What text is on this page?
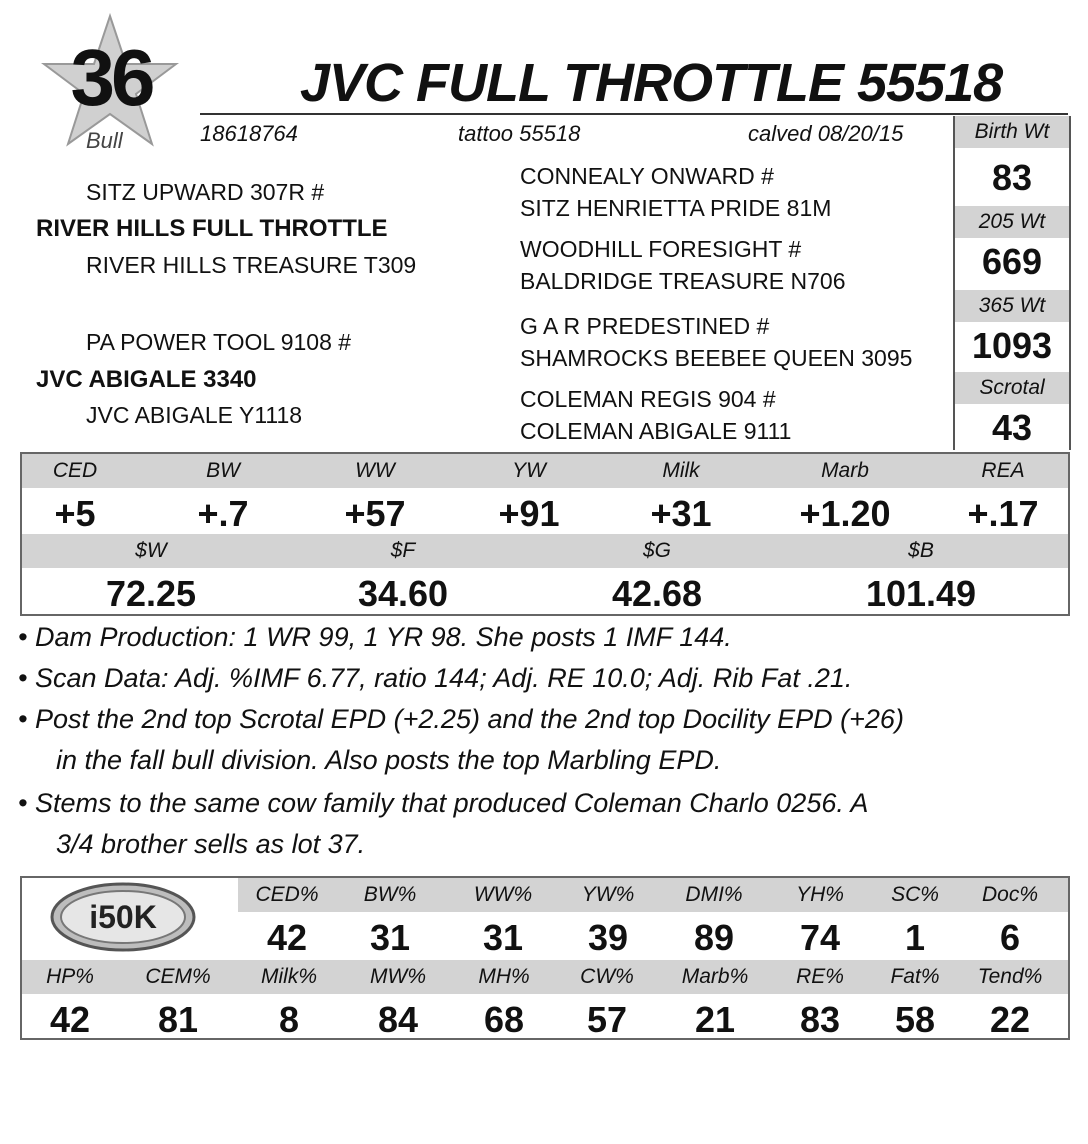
36
Bull
JVC FULL THROTTLE 55518
18618764	tattoo 55518	calved 08/20/15
SITZ UPWARD 307R #
RIVER HILLS FULL THROTTLE
RIVER HILLS TREASURE T309
PA POWER TOOL 9108 #
JVC ABIGALE 3340
JVC ABIGALE Y1118
CONNEALY ONWARD #
SITZ HENRIETTA PRIDE 81M
WOODHILL FORESIGHT #
BALDRIDGE TREASURE N706
G A R PREDESTINED #
SHAMROCKS BEEBEE QUEEN 3095
COLEMAN REGIS 904 #
COLEMAN ABIGALE 9111
Birth Wt
83
205 Wt
669
365 Wt
1093
Scrotal
43
CED	BW	WW	YW	Milk	Marb	REA
+5	+.7	+57	+91	+31	+1.20	+.17
$W	$F	$G	$B
72.25	34.60	42.68	101.49
• Dam Production: 1 WR 99, 1 YR 98. She posts 1 IMF 144.
• Scan Data: Adj. %IMF 6.77, ratio 144; Adj. RE 10.0; Adj. Rib Fat .21.
• Post the 2nd top Scrotal EPD (+2.25) and the 2nd top Docility EPD (+26)
in the fall bull division. Also posts the top Marbling EPD.
• Stems to the same cow family that produced Coleman Charlo 0256. A
3/4 brother sells as lot 37.
CED%	BW%	WW%	YW%	DMI%	YH%	SC%	Doc%
42	31	31	39	89	74	1	6
HP%	CEM%	Milk%	MW%	MH%	CW%	Marb%	RE%	Fat%	Tend%
42	81	8	84	68	57	21	83	58	22
i50K
